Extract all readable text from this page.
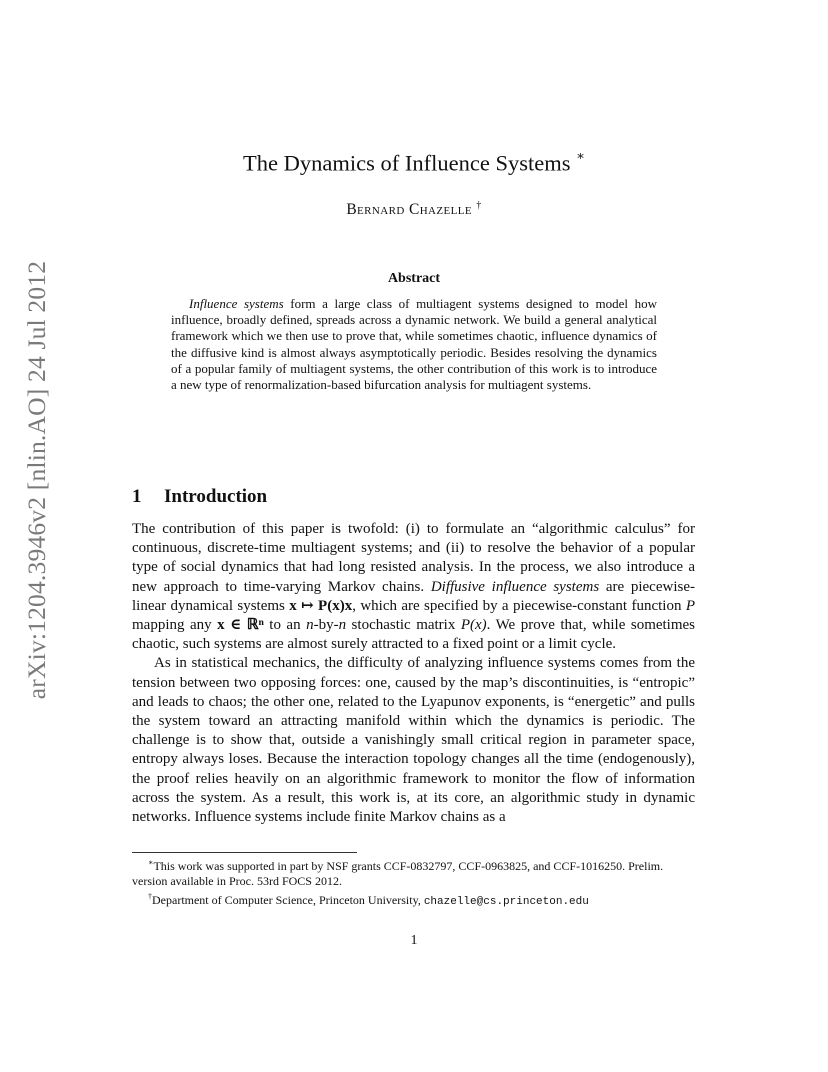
arXiv:1204.3946v2 [nlin.AO] 24 Jul 2012
The Dynamics of Influence Systems ∗
Bernard Chazelle †
Abstract

Influence systems form a large class of multiagent systems designed to model how influence, broadly defined, spreads across a dynamic network. We build a general analytical framework which we then use to prove that, while sometimes chaotic, influence dynamics of the diffusive kind is almost always asymptotically periodic. Besides resolving the dynamics of a popular family of multiagent systems, the other contribution of this work is to introduce a new type of renormalization-based bifurcation analysis for multiagent systems.

1 Introduction

The contribution of this paper is twofold: (i) to formulate an “algorithmic calculus” for continuous, discrete-time multiagent systems; and (ii) to resolve the behavior of a popular type of social dynamics that had long resisted analysis. In the process, we also introduce a new approach to time-varying Markov chains. Diffusive influence systems are piecewise-linear dynamical systems x ↦ P(x)x, which are specified by a piecewise-constant function P mapping any x ∈ ℝⁿ to an n-by-n stochastic matrix P(x). We prove that, while sometimes chaotic, such systems are almost surely attracted to a fixed point or a limit cycle.

As in statistical mechanics, the difficulty of analyzing influence systems comes from the tension between two opposing forces: one, caused by the map’s discontinuities, is “entropic” and leads to chaos; the other one, related to the Lyapunov exponents, is “energetic” and pulls the system toward an attracting manifold within which the dynamics is periodic. The challenge is to show that, outside a vanishingly small critical region in parameter space, entropy always loses. Because the interaction topology changes all the time (endogenously), the proof relies heavily on an algorithmic framework to monitor the flow of information across the system. As a result, this work is, at its core, an algorithmic study in dynamic networks. Influence systems include finite Markov chains as a

∗This work was supported in part by NSF grants CCF-0832797, CCF-0963825, and CCF-1016250. Prelim. version available in Proc. 53rd FOCS 2012.

†Department of Computer Science, Princeton University, chazelle@cs.princeton.edu

1
